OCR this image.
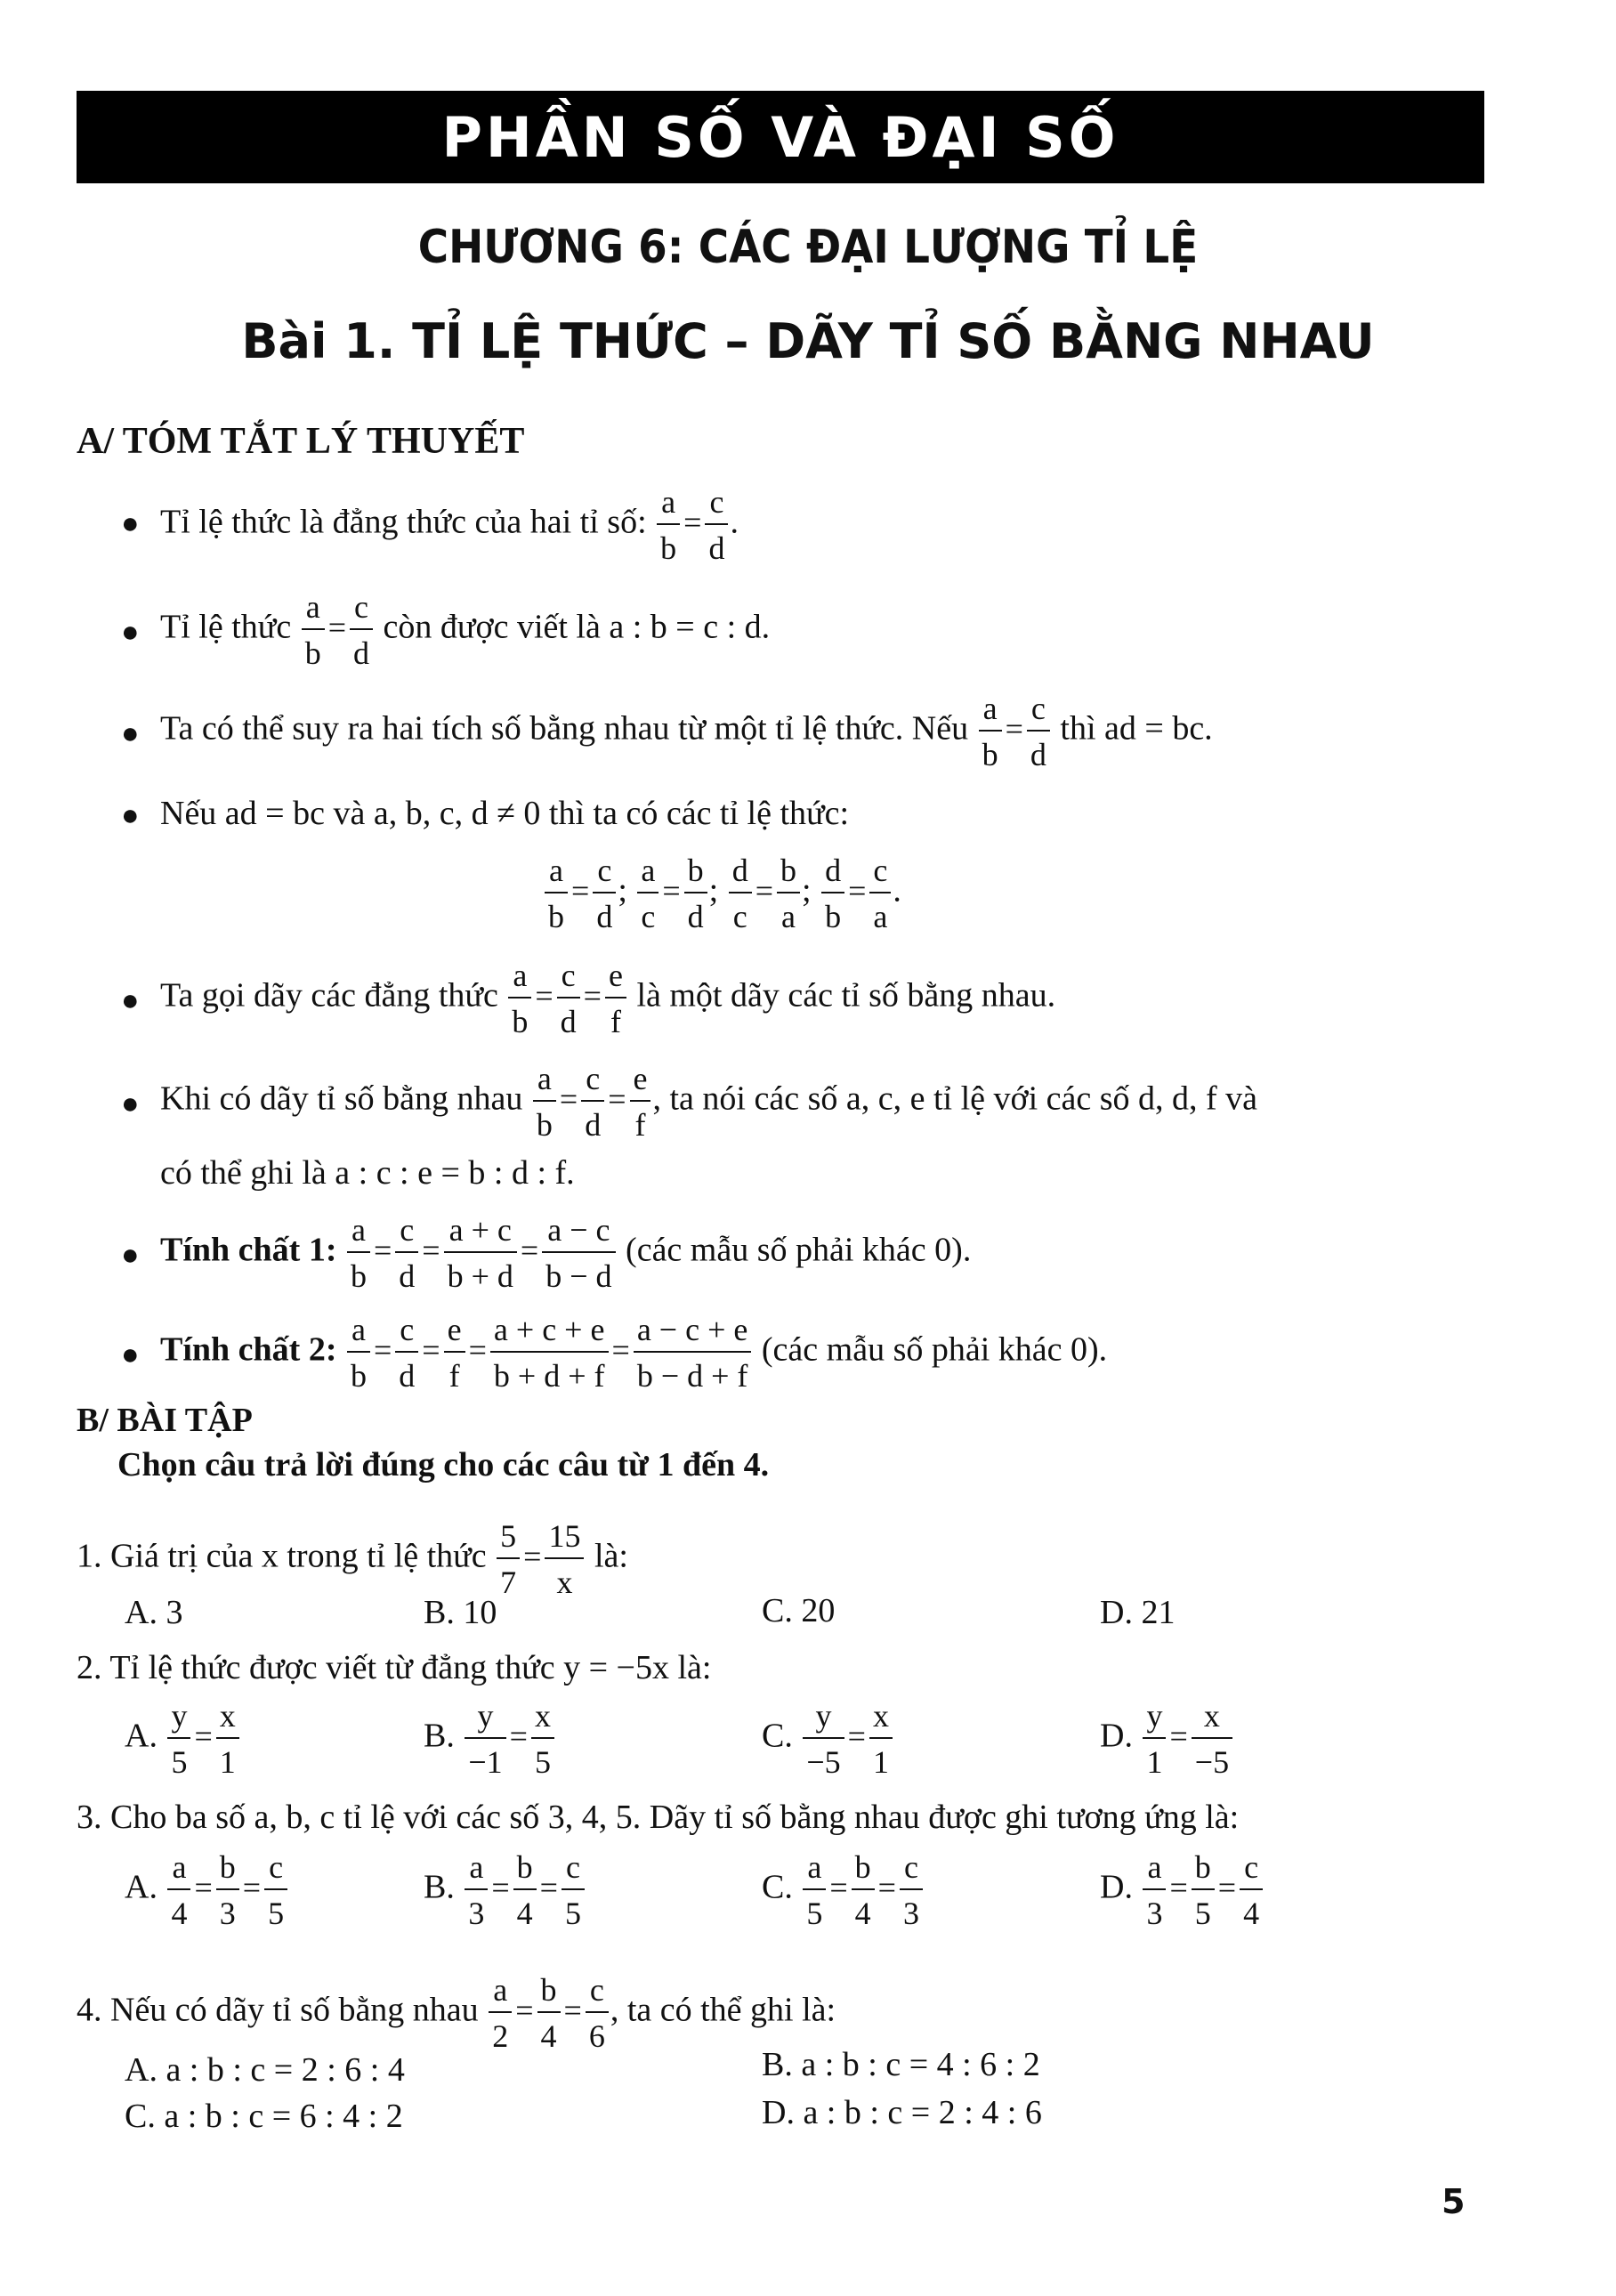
PHẦN SỐ VÀ ĐẠI SỐ
CHƯƠNG 6: CÁC ĐẠI LƯỢNG TỈ LỆ
Bài 1. TỈ LỆ THỨC – DÃY TỈ SỐ BẰNG NHAU
A/ TÓM TẮT LÝ THUYẾT
● Tỉ lệ thức là đẳng thức của hai tỉ số: $\frac{a}{b} = \frac{c}{d}$ .
● Tỉ lệ thức $\frac{a}{b} = \frac{c}{d}$ còn được viết là a : b = c : d.
● Ta có thể suy ra hai tích số bằng nhau từ một tỉ lệ thức. Nếu $\frac{a}{b} = \frac{c}{d}$ thì ad = bc.
● Nếu ad = bc và a, b, c, d ≠ 0 thì ta có các tỉ lệ thức:
$\frac{a}{b} = \frac{c}{d}$ ; $\frac{a}{c} = \frac{b}{d}$ ; $\frac{d}{c} = \frac{b}{a}$ ; $\frac{d}{b} = \frac{c}{a}$ .
● Ta gọi dãy các đẳng thức $\frac{a}{b} = \frac{c}{d} = \frac{e}{f}$ là một dãy các tỉ số bằng nhau.
● Khi có dãy tỉ số bằng nhau $\frac{a}{b} = \frac{c}{d} = \frac{e}{f}$ , ta nói các số a, c, e tỉ lệ với các số d, d, f và
có thể ghi là a : c : e = b : d : f.
● Tính chất 1: $\frac{a}{b} = \frac{c}{d} = \frac{a + c}{b + d} = \frac{a - c}{b - d}$ (các mẫu số phải khác 0).
● Tính chất 2: $\frac{a}{b} = \frac{c}{d} = \frac{e}{f} = \frac{a + c + e}{b + d + f} = \frac{a - c + e}{b - d + f}$ (các mẫu số phải khác 0).
B/ BÀI TẬP
Chọn câu trả lời đúng cho các câu từ 1 đến 4.
1. Giá trị của x trong tỉ lệ thức $\frac{5}{7} = \frac{15}{x}$ là:
A. 3	B. 10	C. 20	D. 21
2. Tỉ lệ thức được viết từ đẳng thức y = −5x là:
A. $\frac{y}{5} = \frac{x}{1}$	B. $\frac{y}{-1} = \frac{x}{5}$	C. $\frac{y}{-5} = \frac{x}{1}$	D. $\frac{y}{1} = \frac{x}{-5}$
3. Cho ba số a, b, c tỉ lệ với các số 3, 4, 5. Dãy tỉ số bằng nhau được ghi tương ứng là:
A. $\frac{a}{4} = \frac{b}{3} = \frac{c}{5}$	B. $\frac{a}{3} = \frac{b}{4} = \frac{c}{5}$	C. $\frac{a}{5} = \frac{b}{4} = \frac{c}{3}$	D. $\frac{a}{3} = \frac{b}{5} = \frac{c}{4}$
4. Nếu có dãy tỉ số bằng nhau $\frac{a}{2} = \frac{b}{4} = \frac{c}{6}$ , ta có thể ghi là:
A. a : b : c = 2 : 6 : 4	B. a : b : c = 4 : 6 : 2
C. a : b : c = 6 : 4 : 2	D. a : b : c = 2 : 4 : 6
5
